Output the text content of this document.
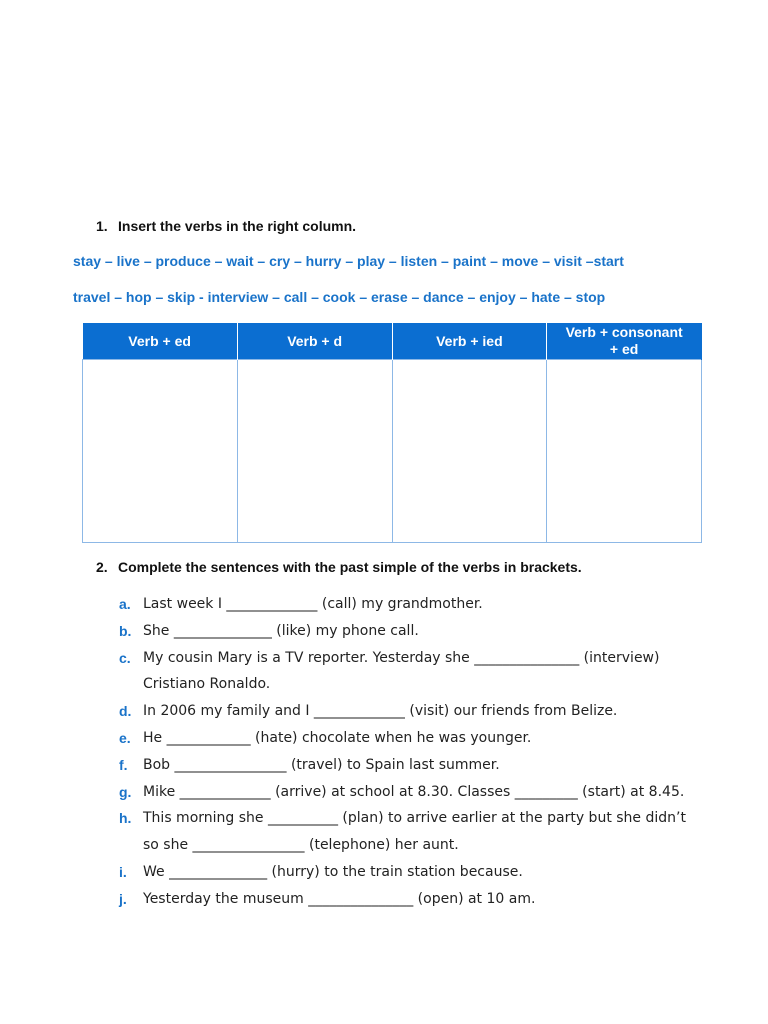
1. Insert the verbs in the right column.
stay – live – produce – wait – cry – hurry – play – listen – paint – move – visit –start
travel – hop – skip - interview – call – cook – erase – dance – enjoy – hate – stop
Verb + ed	Verb + d	Verb + ied	Verb + consonant
+ ed

2. Complete the sentences with the past simple of the verbs in brackets.
a. Last week I _____________ (call) my grandmother.
b. She ______________ (like) my phone call.
c. My cousin Mary is a TV reporter. Yesterday she _______________ (interview) Cristiano Ronaldo.
d. In 2006 my family and I _____________ (visit) our friends from Belize.
e. He ____________ (hate) chocolate when he was younger.
f.	Bob ________________ (travel) to Spain last summer.
g. Mike _____________ (arrive) at school at 8.30. Classes _________ (start) at 8.45.
h. This morning she __________ (plan) to arrive earlier at the party but she didn’t so she ________________ (telephone) her aunt.
i.	We ______________ (hurry) to the train station because.
j.	Yesterday the museum _______________ (open) at 10 am.
